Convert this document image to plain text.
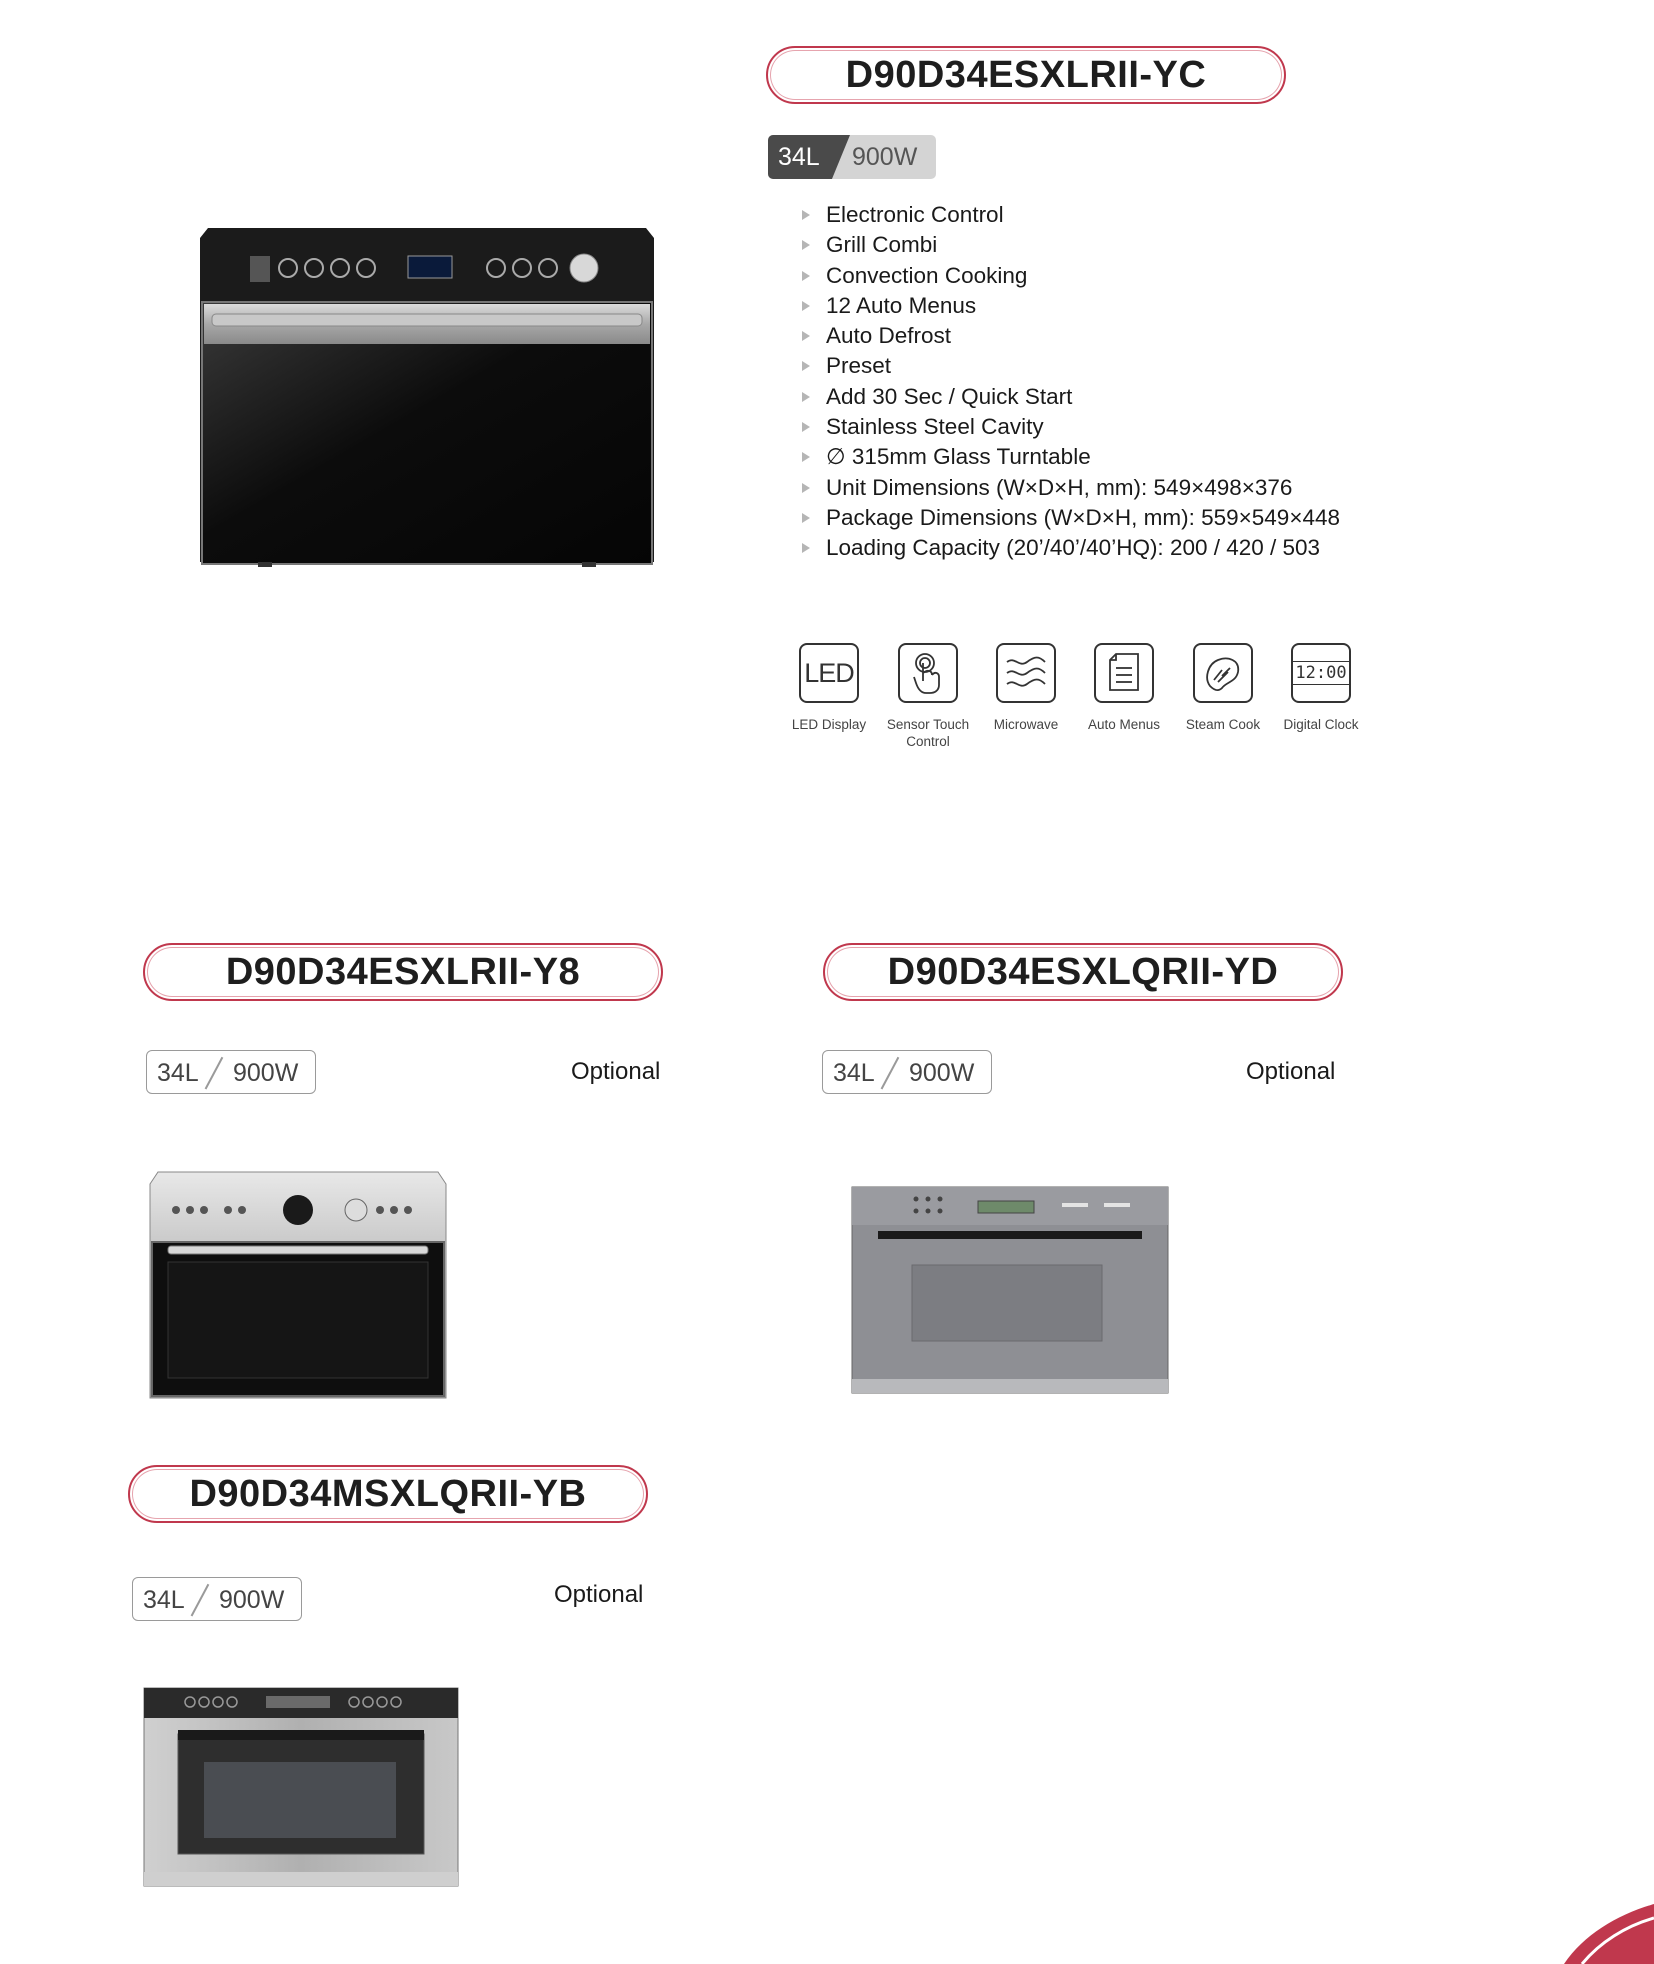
D90D34ESXLRII-YC
34L 900W
Electronic Control
Grill Combi
Convection Cooking
12 Auto Menus
Auto Defrost
Preset
Add 30 Sec / Quick Start
Stainless Steel Cavity
∅ 315mm Glass Turntable
Unit Dimensions (W×D×H, mm): 549×498×376
Package Dimensions (W×D×H, mm): 559×549×448
Loading Capacity (20’/40’/40’HQ): 200 / 420 / 503
LED
LED Display	Sensor Touch Control
Microwave	Auto Menus	Steam Cook
12:00
Digital Clock
D90D34ESXLRII-Y8
34L 900W	Optional
D90D34ESXLQRII-YD
34L 900W	Optional
D90D34MSXLQRII-YB
34L 900W	Optional
